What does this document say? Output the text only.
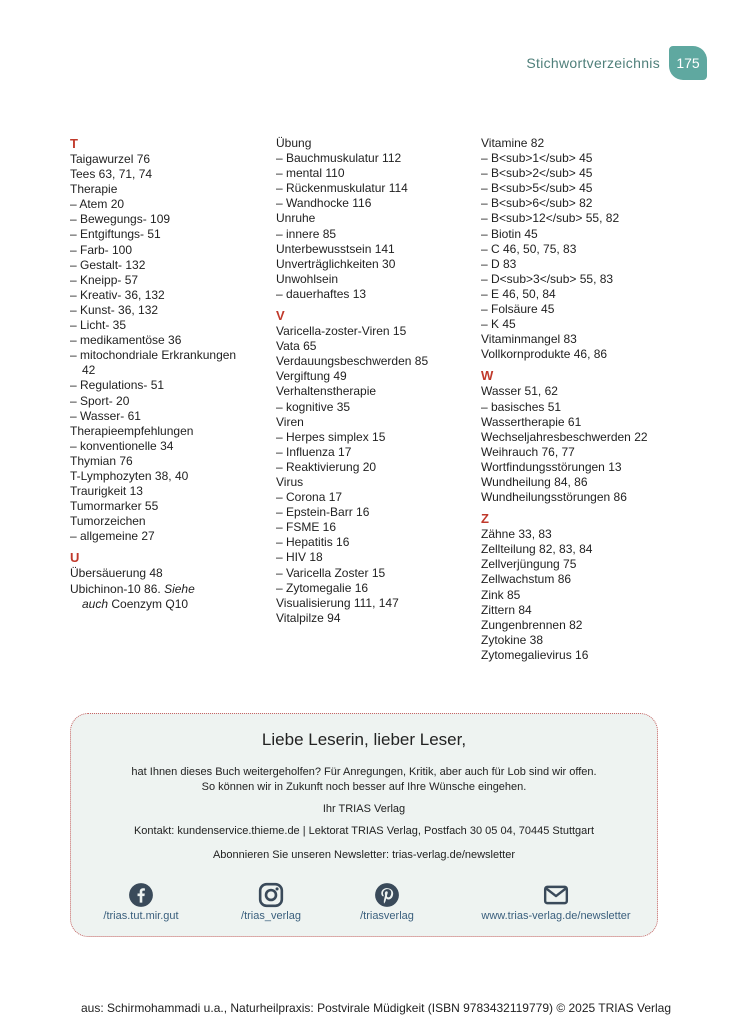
Stichwortverzeichnis	175
T
Taigawurzel 76
Tees 63, 71, 74
Therapie
– Atem 20
– Bewegungs- 109
– Entgiftungs- 51
– Farb- 100
– Gestalt- 132
– Kneipp- 57
– Kreativ- 36, 132
– Kunst- 36, 132
– Licht- 35
– medikamentöse 36
– mitochondriale Erkrankungen
42
– Regulations- 51
– Sport- 20
– Wasser- 61
Therapieempfehlungen
– konventionelle 34
Thymian 76
T-Lymphozyten 38, 40
Traurigkeit 13
Tumormarker 55
Tumorzeichen
– allgemeine 27
U
Übersäuerung 48
Ubichinon-10 86. Siehe
auch Coenzym Q10
Übung
– Bauchmuskulatur 112
– mental 110
– Rückenmuskulatur 114
– Wandhocke 116
Unruhe
– innere 85
Unterbewusstsein 141
Unverträglichkeiten 30
Unwohlsein
– dauerhaftes 13
V
Varicella-zoster-Viren 15
Vata 65
Verdauungsbeschwerden 85
Vergiftung 49
Verhaltenstherapie
– kognitive 35
Viren
– Herpes simplex 15
– Influenza 17
– Reaktivierung 20
Virus
– Corona 17
– Epstein-Barr 16
– FSME 16
– Hepatitis 16
– HIV 18
– Varicella Zoster 15
– Zytomegalie 16
Visualisierung 111, 147
Vitalpilze 94
Vitamine 82
– B<sub>1</sub> 45
– B<sub>2</sub> 45
– B<sub>5</sub> 45
– B<sub>6</sub> 82
– B<sub>12</sub> 55, 82
– Biotin 45
– C 46, 50, 75, 83
– D 83
– D<sub>3</sub> 55, 83
– E 46, 50, 84
– Folsäure 45
– K 45
Vitaminmangel 83
Vollkornprodukte 46, 86
W
Wasser 51, 62
– basisches 51
Wassertherapie 61
Wechseljahresbeschwerden 22
Weihrauch 76, 77
Wortfindungsstörungen 13
Wundheilung 84, 86
Wundheilungsstörungen 86
Z
Zähne 33, 83
Zellteilung 82, 83, 84
Zellverjüngung 75
Zellwachstum 86
Zink 85
Zittern 84
Zungenbrennen 82
Zytokine 38
Zytomegalievirus 16
Liebe Leserin, lieber Leser,
hat Ihnen dieses Buch weitergeholfen? Für Anregungen, Kritik, aber auch für Lob sind wir offen.
So können wir in Zukunft noch besser auf Ihre Wünsche eingehen.
Ihr TRIAS Verlag
Kontakt: kundenservice.thieme.de | Lektorat TRIAS Verlag, Postfach 30 05 04, 70445 Stuttgart
Abonnieren Sie unseren Newsletter: trias-verlag.de/newsletter
/trias.tut.mir.gut	/trias_verlag	/triasverlag	www.trias-verlag.de/newsletter
aus: Schirmohammadi u.a., Naturheilpraxis: Postvirale Müdigkeit (ISBN 9783432119779) © 2025 TRIAS Verlag
